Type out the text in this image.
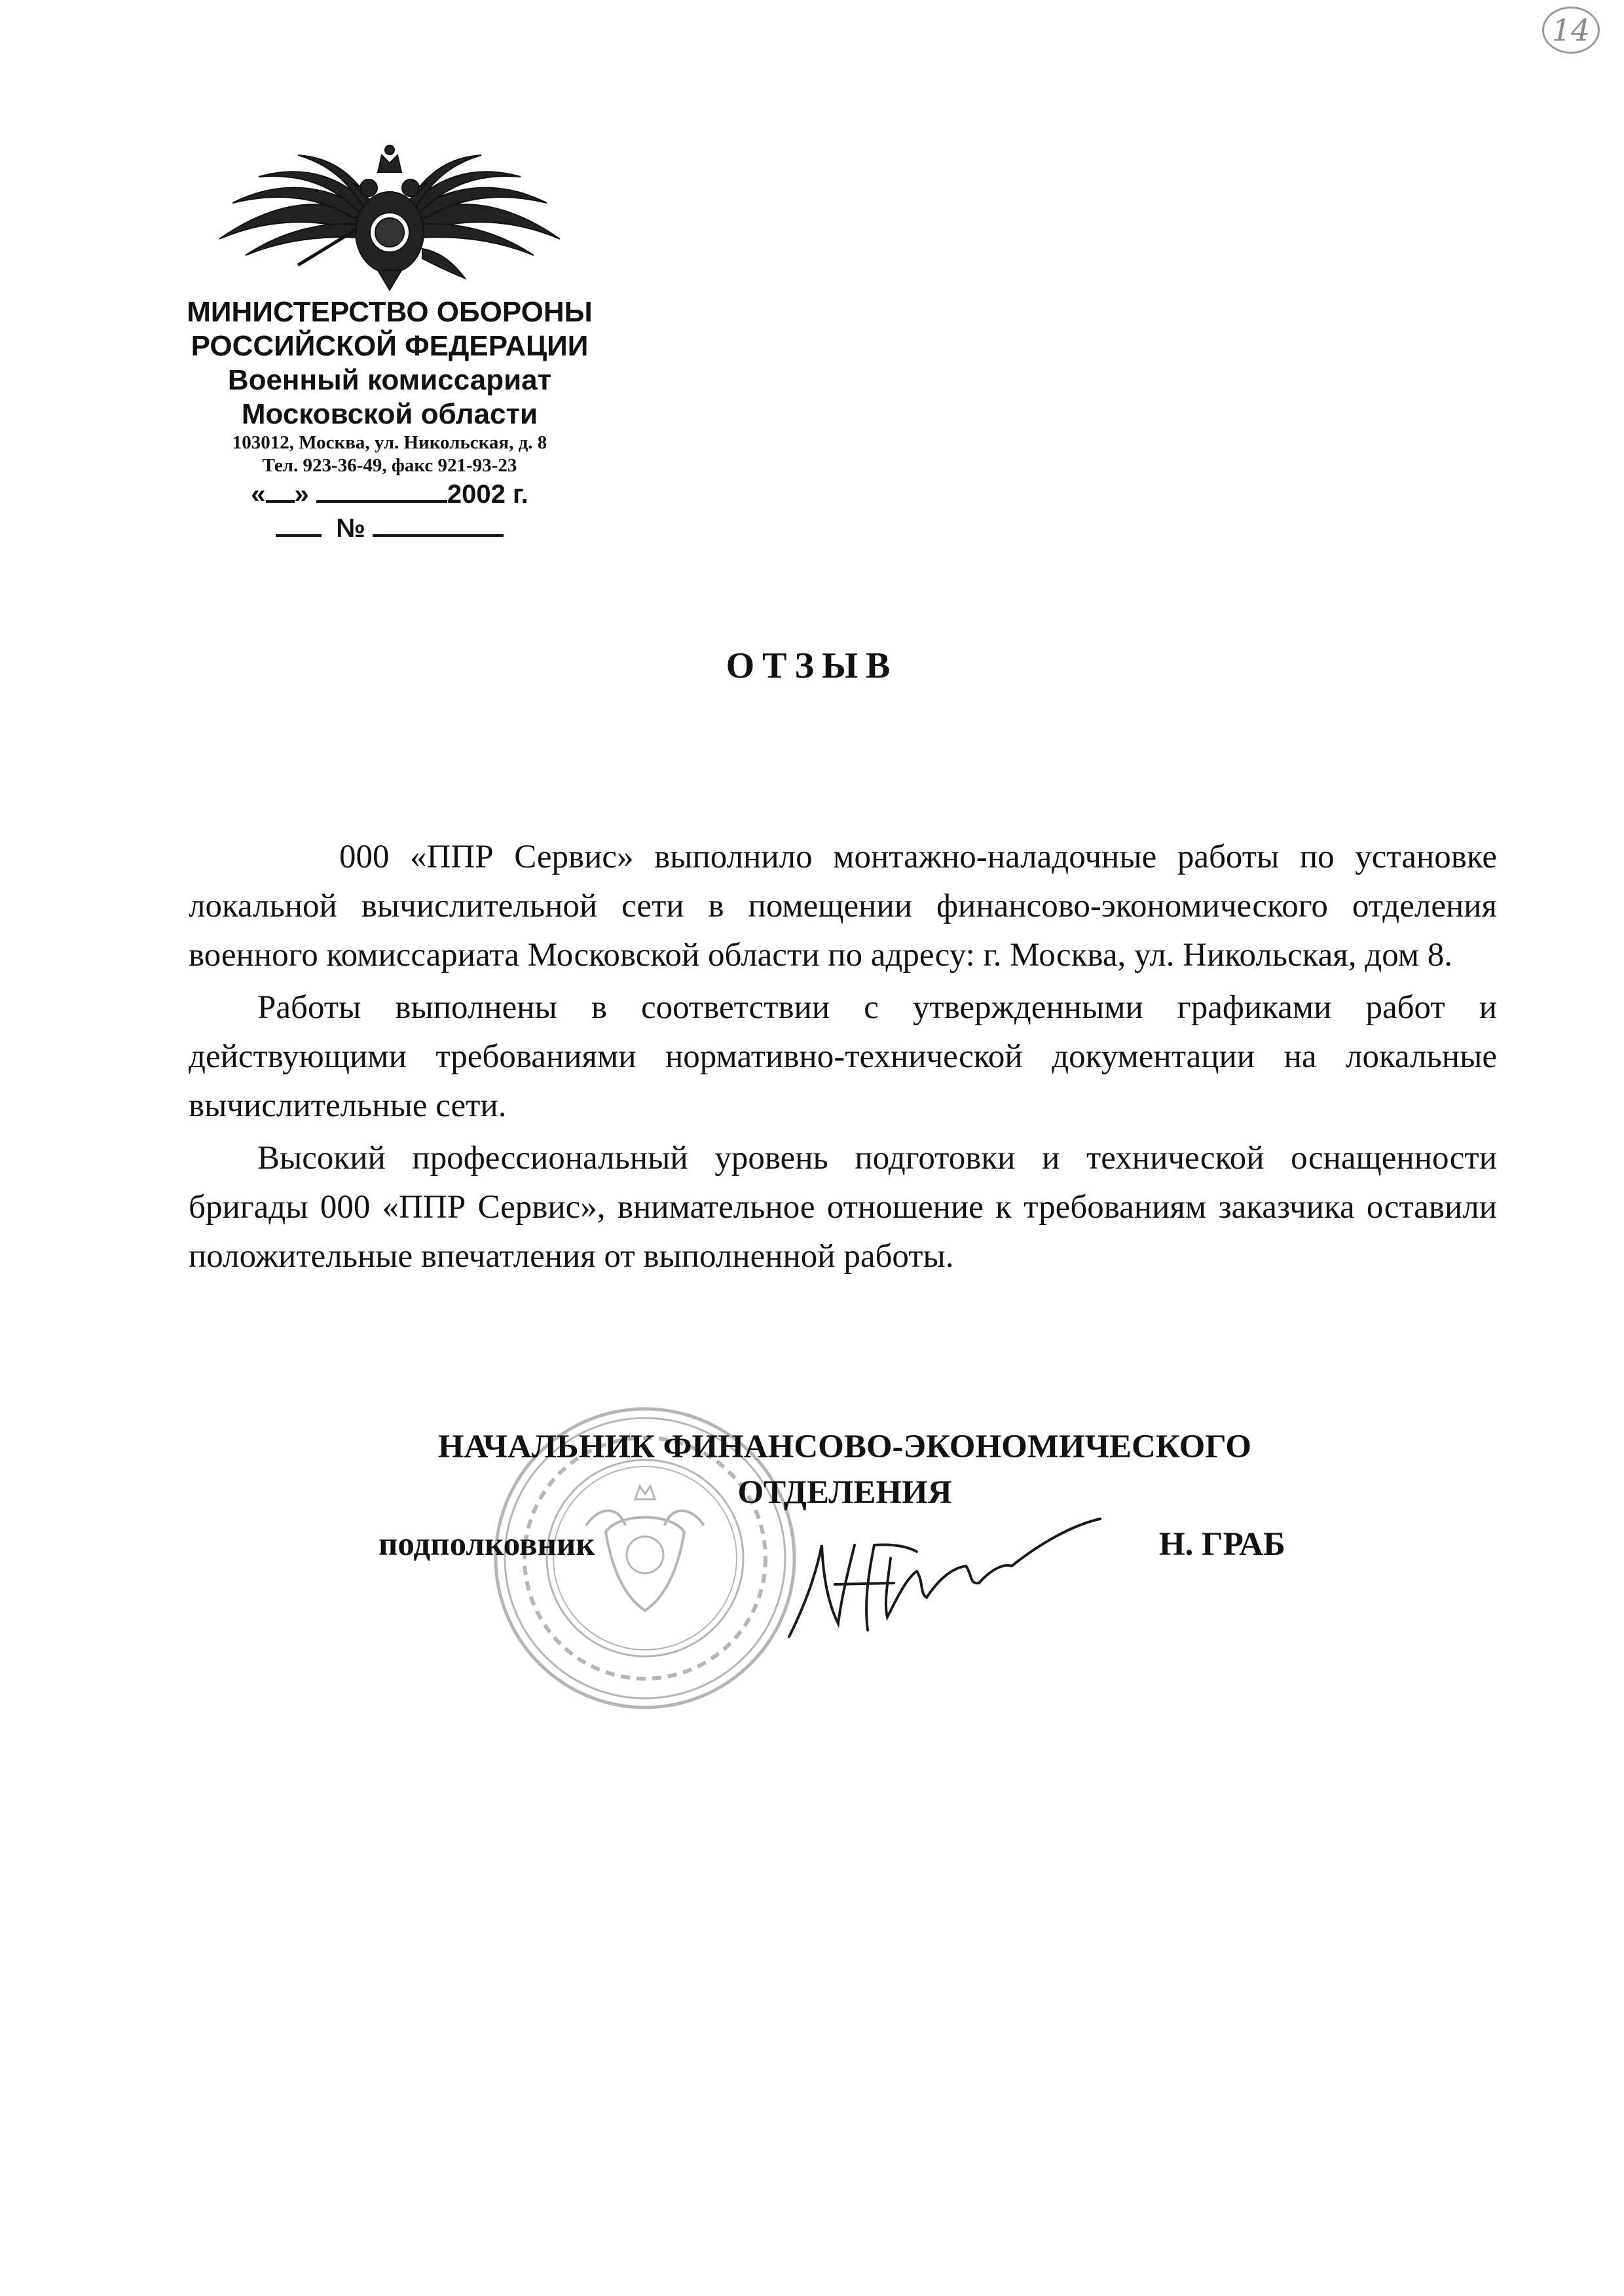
14
МИНИСТЕРСТВО ОБОРОНЫ
РОССИЙСКОЙ ФЕДЕРАЦИИ
Военный комиссариат
Московской области
103012, Москва, ул. Никольская, д. 8
Тел. 923-36-49, факс 921-93-23
« »	2002 г.
№
ОТЗЫВ

000 «ППР Сервис» выполнило монтажно-наладочные работы по установке локальной вычислительной сети в помещении финансово-экономического отделения военного комиссариата Московской области по адресу: г. Москва, ул. Никольская, дом 8.

Работы выполнены в соответствии с утвержденными графиками работ и действующими требованиями нормативно-технической документации на локальные вычислительные сети.

Высокий профессиональный уровень подготовки и технической оснащенности бригады 000 «ППР Сервис», внимательное отношение к требованиям заказчика оставили положительные впечатления от выполненной работы.

НАЧАЛЬНИК ФИНАНСОВО-ЭКОНОМИЧЕСКОГО
ОТДЕЛЕНИЯ
подполковник	Н. ГРАБ
